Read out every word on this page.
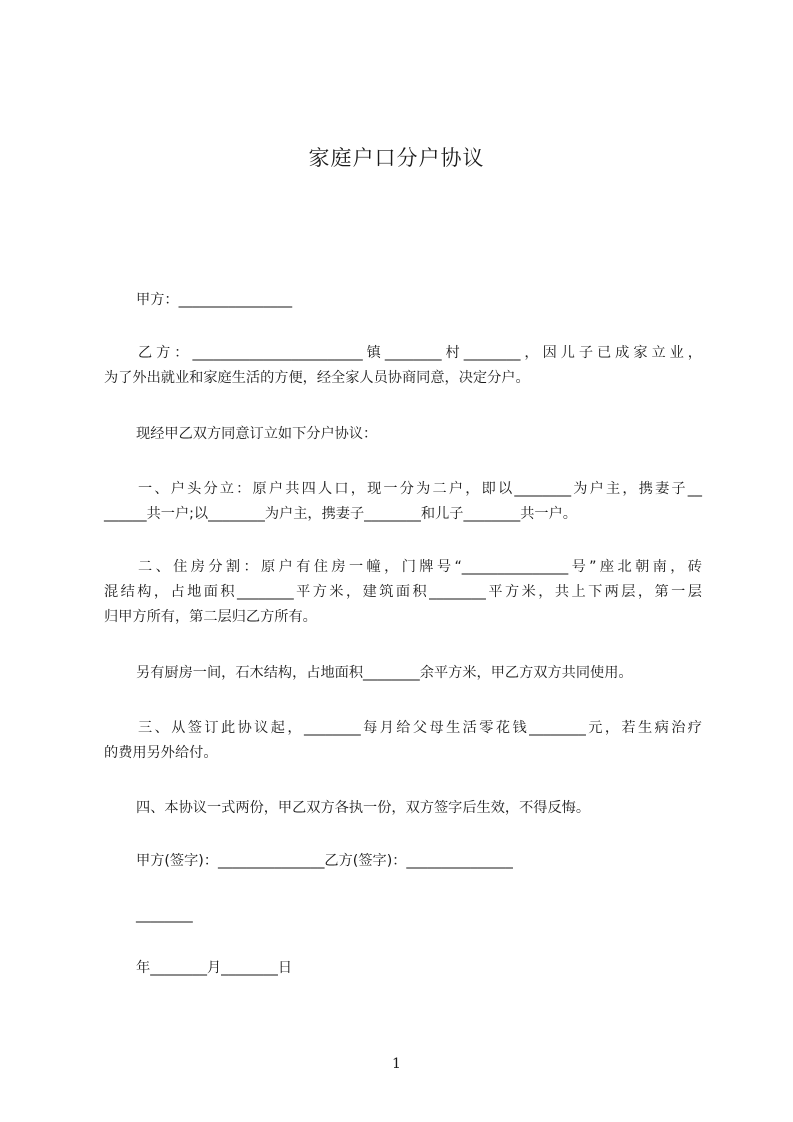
家庭户口分户协议
甲方：________________
乙方：________________________镇________村________，因儿子已成家立业，
为了外出就业和家庭生活的方便，经全家人员协商同意，决定分户。
现经甲乙双方同意订立如下分户协议：
一、户头分立：原户共四人口，现一分为二户，即以________为户主，携妻子__
______共一户;以________为户主，携妻子________和儿子________共一户。
二、住房分割：原户有住房一幢，门牌号“_______________号”座北朝南，砖
混结构，占地面积________平方米，建筑面积________平方米，共上下两层，第一层
归甲方所有，第二层归乙方所有。
另有厨房一间，石木结构，占地面积________余平方米，甲乙方双方共同使用。
三、从签订此协议起，________每月给父母生活零花钱________元，若生病治疗
的费用另外给付。
四、本协议一式两份，甲乙双方各执一份，双方签字后生效，不得反悔。
甲方(签字)：_______________乙方(签字)：_______________
________
年________月________日
1
